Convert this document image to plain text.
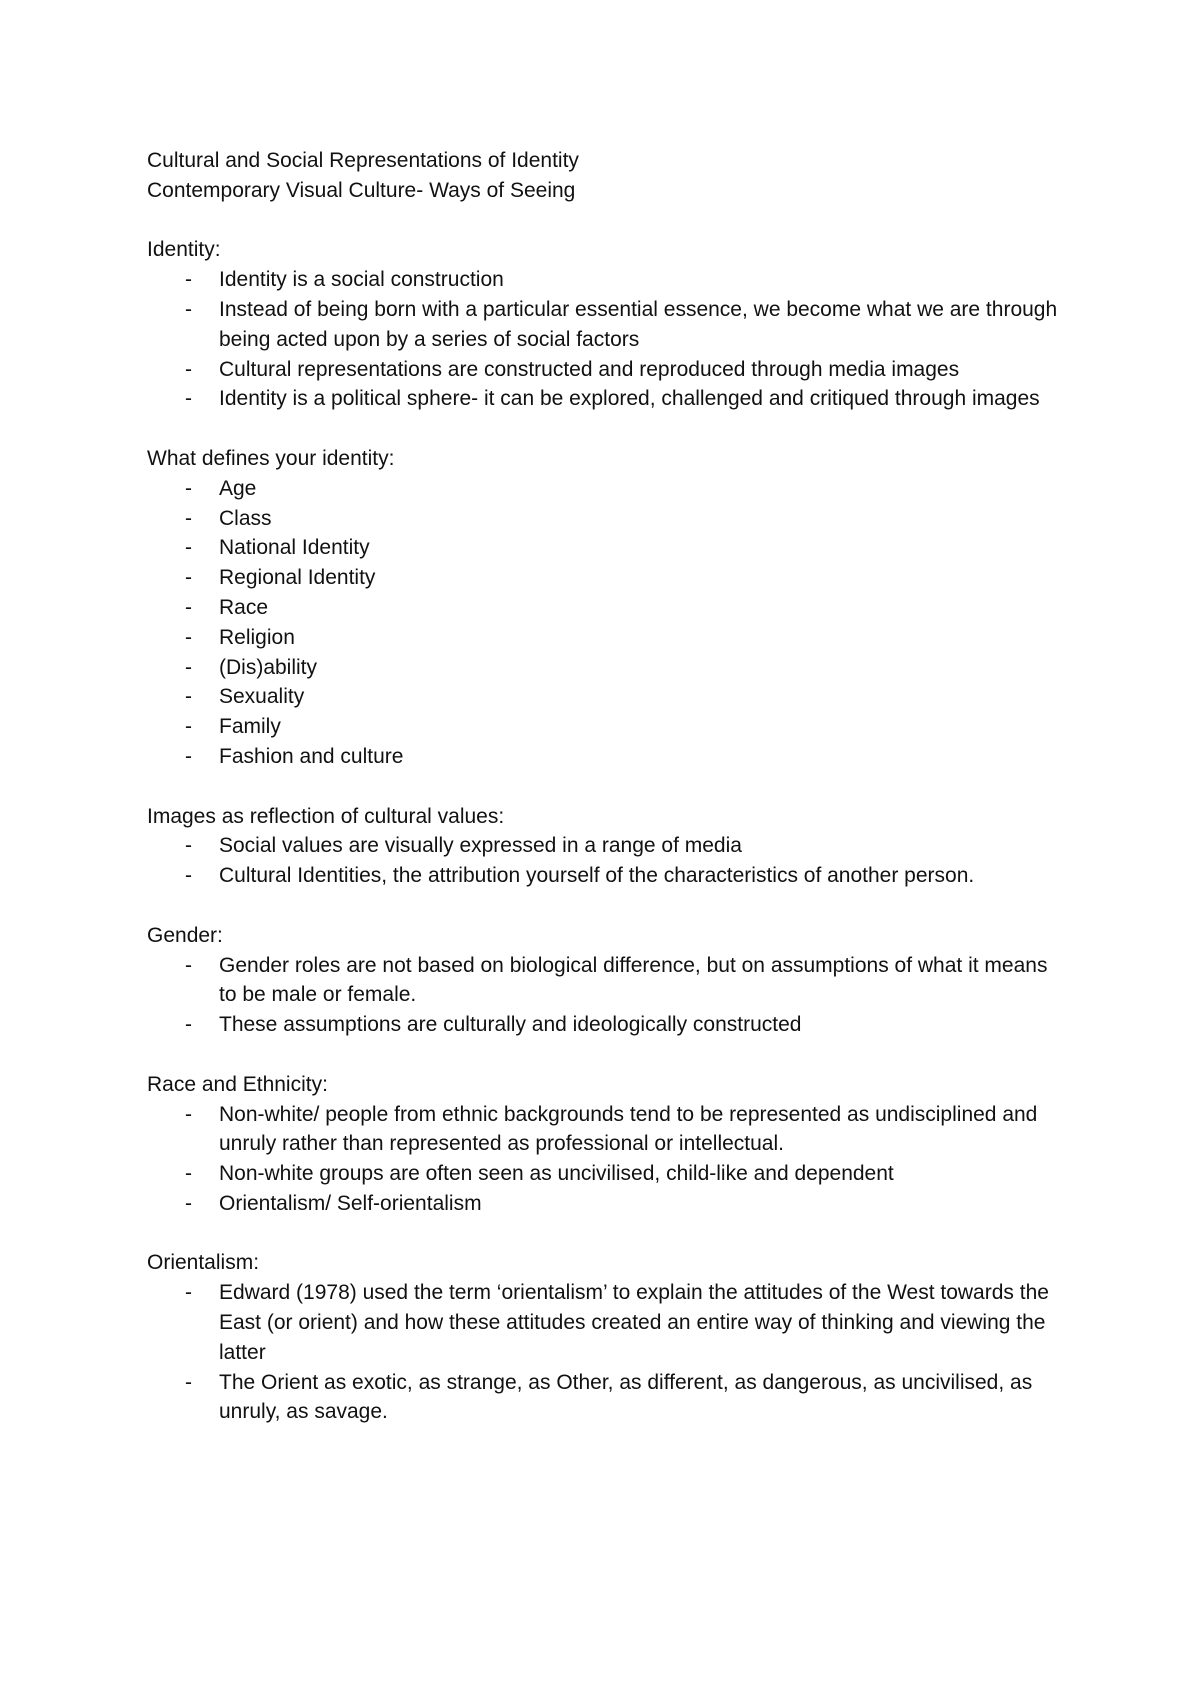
Cultural and Social Representations of Identity

Contemporary Visual Culture- Ways of Seeing

Identity:

- Identity is a social construction
- Instead of being born with a particular essential essence, we become what we are through being acted upon by a series of social factors
- Cultural representations are constructed and reproduced through media images
- Identity is a political sphere- it can be explored, challenged and critiqued through images

What defines your identity:

- Age
- Class
- National Identity
- Regional Identity
- Race
- Religion
- (Dis)ability
- Sexuality
- Family
- Fashion and culture

Images as reflection of cultural values:

- Social values are visually expressed in a range of media
- Cultural Identities, the attribution yourself of the characteristics of another person.

Gender:

- Gender roles are not based on biological difference, but on assumptions of what it means to be male or female.
- These assumptions are culturally and ideologically constructed

Race and Ethnicity:

- Non-white/ people from ethnic backgrounds tend to be represented as undisciplined and unruly rather than represented as professional or intellectual.
- Non-white groups are often seen as uncivilised, child-like and dependent
- Orientalism/ Self-orientalism

Orientalism:

- Edward (1978) used the term ‘orientalism’ to explain the attitudes of the West towards the East (or orient) and how these attitudes created an entire way of thinking and viewing the latter
- The Orient as exotic, as strange, as Other, as different, as dangerous, as uncivilised, as unruly, as savage.
